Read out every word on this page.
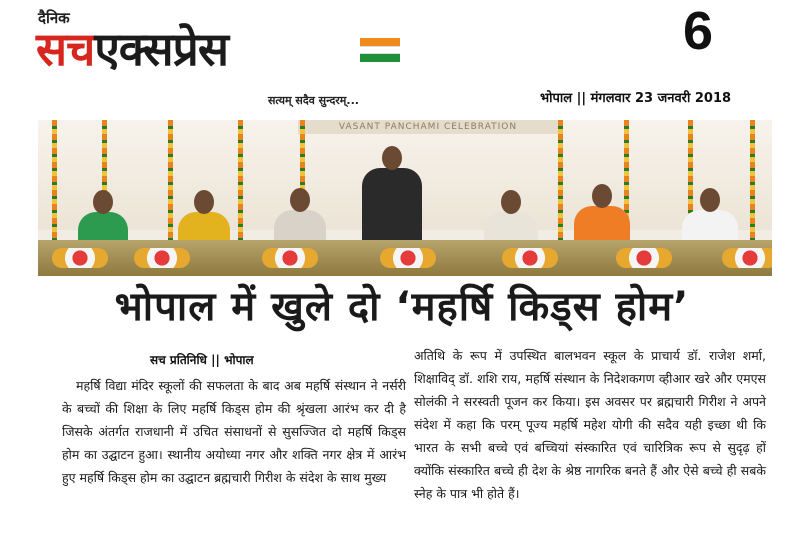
दैनिक
सचएक्सप्रेस
सत्यम् सदैव सुन्दरम्...
6
भोपाल || मंगलवार 23 जनवरी 2018
VASANT PANCHAMI CELEBRATION
भोपाल में खुले दो ‘महर्षि किड्स होम’
सच प्रतिनिधि || भोपाल

महर्षि विद्या मंदिर स्कूलों की सफलता के बाद अब महर्षि संस्थान ने नर्सरी के बच्चों की शिक्षा के लिए महर्षि किड्स होम की श्रृंखला आरंभ कर दी है जिसके अंतर्गत राजधानी में उचित संसाधनों से सुसज्जित दो महर्षि किड्स होम का उद्घाटन हुआ। स्थानीय अयोध्या नगर और शक्ति नगर क्षेत्र में आरंभ हुए महर्षि किड्स होम का उद्घाटन ब्रह्मचारी गिरीश के संदेश के साथ मुख्य

अतिथि के रूप में उपस्थित बालभवन स्कूल के प्राचार्य डॉ. राजेश शर्मा, शिक्षाविद् डॉ. शशि राय, महर्षि संस्थान के निदेशकगण व्हीआर खरे और एमएस सोलंकी ने सरस्वती पूजन कर किया। इस अवसर पर ब्रह्मचारी गिरीश ने अपने संदेश में कहा कि परम् पूज्य महर्षि महेश योगी की सदैव यही इच्छा थी कि भारत के सभी बच्चे एवं बच्चियां संस्कारित एवं चारित्रिक रूप से सुदृढ़ हों क्योंकि संस्कारित बच्चे ही देश के श्रेष्ठ नागरिक बनते हैं और ऐसे बच्चे ही सबके स्नेह के पात्र भी होते हैं।
